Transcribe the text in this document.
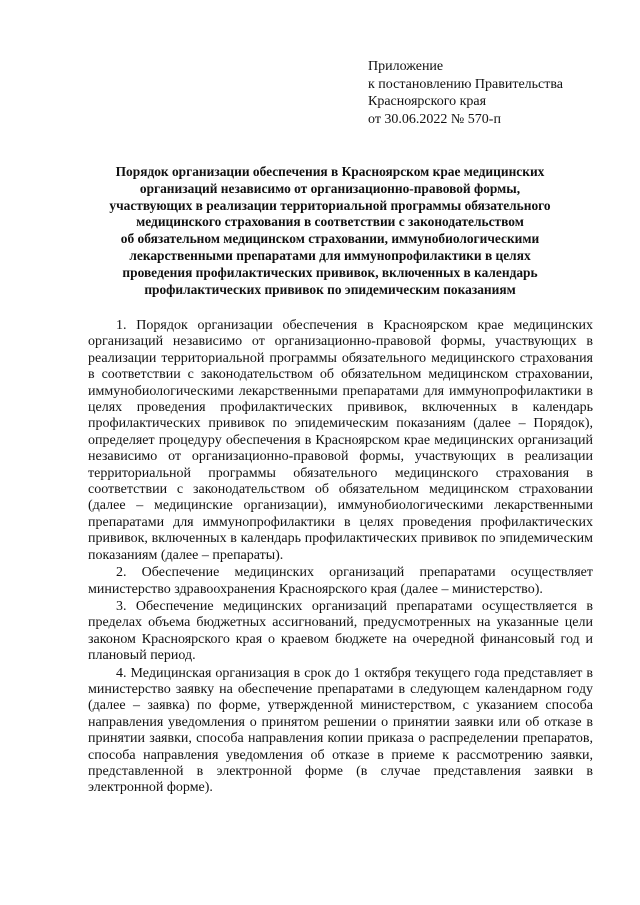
Приложение
к постановлению Правительства
Красноярского края
от 30.06.2022 № 570-п
Порядок организации обеспечения в Красноярском крае медицинских
организаций независимо от организационно-правовой формы,
участвующих в реализации территориальной программы обязательного
медицинского страхования в соответствии с законодательством
об обязательном медицинском страховании, иммунобиологическими
лекарственными препаратами для иммунопрофилактики в целях
проведения профилактических прививок, включенных в календарь
профилактических прививок по эпидемическим показаниям

1. Порядок организации обеспечения в Красноярском крае медицинских организаций независимо от организационно-правовой формы, участвующих в реализации территориальной программы обязательного медицинского страхования в соответствии с законодательством об обязательном медицинском страховании, иммунобиологическими лекарственными препаратами для иммунопрофилактики в целях проведения профилактических прививок, включенных в календарь профилактических прививок по эпидемическим показаниям (далее – Порядок), определяет процедуру обеспечения в Красноярском крае медицинских организаций независимо от организационно-правовой формы, участвующих в реализации территориальной программы обязательного медицинского страхования в соответствии с законодательством об обязательном медицинском страховании (далее – медицинские организации), иммунобиологическими лекарственными препаратами для иммунопрофилактики в целях проведения профилактических прививок, включенных в календарь профилактических прививок по эпидемическим показаниям (далее – препараты).

2. Обеспечение медицинских организаций препаратами осуществляет министерство здравоохранения Красноярского края (далее – министерство).

3. Обеспечение медицинских организаций препаратами осуществляется в пределах объема бюджетных ассигнований, предусмотренных на указанные цели законом Красноярского края о краевом бюджете на очередной финансовый год и плановый период.

4. Медицинская организация в срок до 1 октября текущего года представляет в министерство заявку на обеспечение препаратами в следующем календарном году (далее – заявка) по форме, утвержденной министерством, с указанием способа направления уведомления о принятом решении о принятии заявки или об отказе в принятии заявки, способа направления копии приказа о распределении препаратов, способа направления уведомления об отказе в приеме к рассмотрению заявки, представленной в электронной форме (в случае представления заявки в электронной форме).
